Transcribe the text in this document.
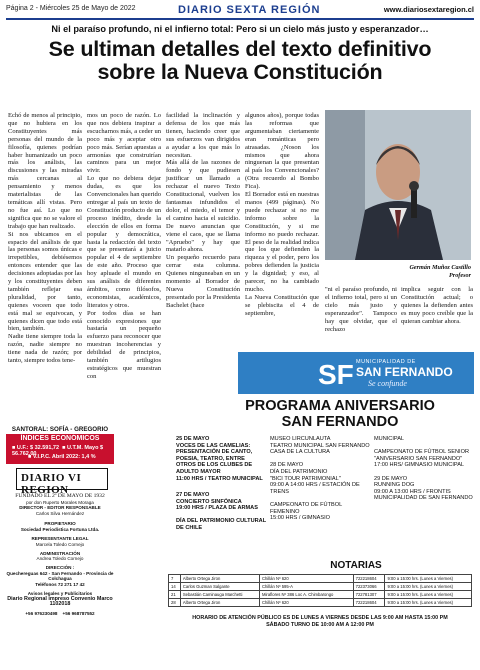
Página 2 - Miércoles 25 de Mayo de 2022	DIARIO SEXTA REGIÓN	www.diariosextaregion.cl
Ni el paraíso profundo, ni el infierno total: Pero si un cielo más justo y esperanzador…
Se ultiman detalles del texto definitivo
sobre la Nueva Constitución
Echó de menos al principio, que no hubiera en los Constituyentes más personas del mundo de la filosofía, quienes podrían haber humanizado un poco más los análisis, las discusiones y las miradas más cercanas al pensamiento y menos materialistas de las temáticas allí vistas. Pero no fue así. Lo que no significa que no se valore el trabajo que han realizado.
Si nos ubicamos en el espacio del análisis de que las personas somos únicas e irrepetibles, debiésemos entonces entender que las decisiones adoptadas por las y los constituyentes deben también reflejar esa pluralidad, por tanto, quienes voceen que todo está mal se equivocan, y quienes dicen que todo está bien, también.
Nadie tiene siempre toda la razón, nadie siempre no tiene nada de razón; por tanto, siempre todos tene-
mos un poco de razón. Lo que nos debiera inspirar a escucharnos más, a ceder un poco más y aceptar otro poco más. Serían apuestas a armonías que construirían caminos para un mejor vivir.
Lo que no debiera dejar dudas, es que los Convencionales han querido entregar al país un texto de Constitución producto de un proceso inédito, desde la elección de ellos en forma popular y democrática, hasta la redacción del texto que se presentará a juicio popular el 4 de septiembre de este año. Proceso que hoy apluade el mundo en sus análisis de diferentes ámbitos, como filósofos, economistas, académicos, literatos y otros.
Por todos días se han conocido expresiones que bastaría un pequeño esfuerzo para reconocer que muestran incoherencias y debilidad de principios, también artilugios estratégicos que muestran con
facilidad la inclinación y defensa de los que más tienen, haciendo creer que sus esfuerzos van dirigidos a ayudar a los que más lo necesitan.
Más allá de las razones de fondo y que pudiesen justificar un llamado a rechazar el nuevo Texto Constitucional, vuelven los fantasmas infundidos el dolor, el miedo, el temor y el camino hacia el suicidio. De nuevo anuncian que viene el caos, que se llama "Apruebo" y hay que matarlo ahora.
Un pequeño recuerdo para cerrar esta columna. Quienes ninguneaban en un momento al Borrador de Nueva Constitución presentado por la Presidenta Bachelet (hace
algunos años), porque todas las reformas que argumentaban ciertamente eran románticas pero atrasadas. ¿Noson los mismos que ahora ninguenan la que presentan al país los Convencionales? (Otra recuerdo al Bombo Fica).
El Borrador está en nuestras manos (499 páginas). No puede rechazar si no me informo sobre la Constitución, y si me informo no puedo rechazar. El peso de la realidad indica que los que defienden la riqueza y el poder, pero los pobres defienden la justicia y la dignidad; y eso, al parecer, no ha cambiado mucho.
La Nueva Constitución que se plebiscita el 4 de septiembre,
"ni el paraíso profundo, ni el infierno total, pero si un cielo más justo y esperanzador". Tampoco hay que olvidar, que el rechazo
implica seguir con la Constitución actual; o quienes la defienden antes es muy poco creíble que la quieran cambiar ahora.
Germán Muñoz Castillo
Profesor
SF MUNICIPALIDAD DE
SAN FERNANDO
Se confunde
PROGRAMA ANIVERSARIO
SAN FERNANDO
25 DE MAYO
VOCES DE LAS CAMELIAS: PRESENTACIÓN DE CANTO, POESIA, TEATRO, ENTRE OTROS DE LOS CLUBES DE ADULTO MAYOR
11:00 HRS / TEATRO MUNICIPAL
27 DE MAYO
CONCIERTO SINFÓNICA
19:00 HRS / PLAZA DE ARMAS

DÍA DEL PATRIMONIO CULTURAL DE CHILE
MUSEO LIRCUNLAUTA
TEATRO MUNICIPAL SAN FERNANDO
CASA DE LA CULTURA

28 DE MAYO
DÍA DEL PATRIMONIO
"BICI TOUR PATRIMONIAL"
09:00 A 14:00 HRS / ESTACIÓN DE TRENS

CAMPEONATO DE FÚTBOL FEMENINO
15:00 HRS / GIMNASIO
MUNICIPAL

CAMPEONATO DE FÚTBOL SENIOR "ANIVERSARIO SAN FERNANDO"
17:00 HRS/ GIMNASIO MUNICIPAL

29 DE MAYO
RUNNING DOG
09:00 A 13:00 HRS / FRONTIS MUNICIPALIDAD DE SAN FERNANDO
SANTORAL: SOFÍA - GREGORIO
ÍNDICES ECONÓMICOS
■ U.F.: $ 32.591,72 ■ U.T.M. Mayo $ 56.762,00
■ V.I.P.C. Abril 2022: 1,4 %
DIARIO VI REGION
FUNDADO EL 2º DE MAYO DE 1932
por don Ruperto Morales Moraga
DIRECTOR - EDITOR RESPONSABLE
Carlos Silva Hernández
PROPIETARIO
Sociedad Periodística Fortuna Ltda.
REPRESENTANTE LEGAL
Marcela Toledo Cornejo
ADMINISTRACIÓN
Andrea Toledo Cornejo
DIRECCIÓN :
Quechereguas 642 - San Fernando - Provincia de Colchagua
Teléfonos 72 271 17 42
Avisos legales y Publicitarios
Diario Regional impreso Convenio Marco 1102018
+56 976230498 +56 968787552
NOTARIAS
7	Alberto Ortega Jiron	Chillán Nº 620	722218604	9:00 a 15:00 hrs. (Lunes a Viernes)
14	Carlos Guzman Salgante	Chillán Nº 595-A	722373066	9:00 a 15:00 hrs. (Lunes a Viernes)
21	Sebastián Caminauga Marchetti	Miraflores Nº 386 Loc A. Chimbarongo	722781307	9:00 a 15:00 hrs. (Lunes a Viernes)
28	Alberto Ortega Jiron	Chillán Nº 620	722218604	9:00 a 15:00 hrs. (Lunes a Viernes)
HORARIO DE ATENCIÓN PÚBLICO ES DE LUNES A VIERNES DESDE LAS 9:00 AM HASTA 15:00 PM
SÁBADO TURNO DE 10:00 AM A 12:00 PM
